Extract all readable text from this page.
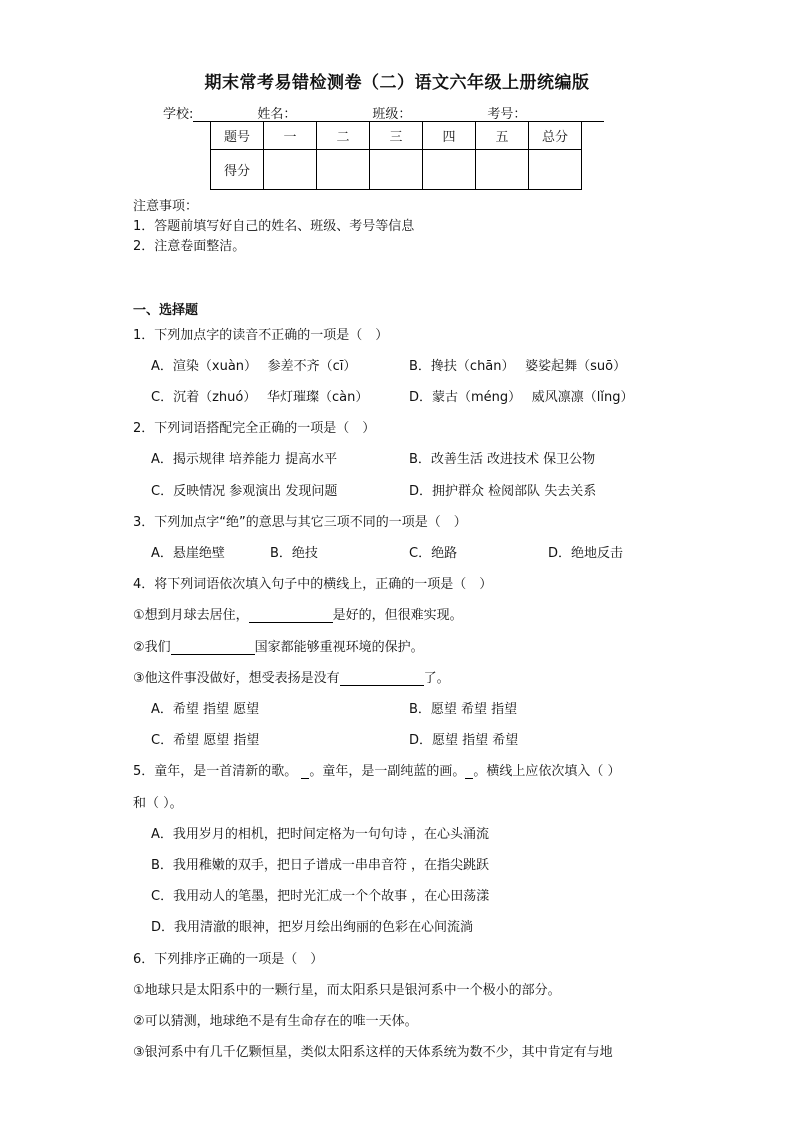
期末常考易错检测卷（二）语文六年级上册统编版
学校:	姓名：	班级：	考号：
题号	一	二	三	四	五	总分
得分						
注意事项：
1．答题前填写好自己的姓名、班级、考号等信息
2．注意卷面整洁。
一、选择题
1．下列加点字的读音不正确的一项是（　）
A．渲染（xuàn）　 参差不齐（cī）	B．搀扶（chān）　 婆娑起舞（suō）
C．沉着（zhuó）　 华灯璀璨（càn）	D．蒙古（méng）　 威风凛凛（lǐng）
2．下列词语搭配完全正确的一项是（　）
A．揭示规律 培养能力 提高水平	B．改善生活 改进技术 保卫公物
C．反映情况 参观演出 发现问题	D．拥护群众 检阅部队 失去关系
3．下列加点字“绝”的意思与其它三项不同的一项是（　）
A．悬崖绝壁	B．绝技	C．绝路	D．绝地反击
4．将下列词语依次填入句子中的横线上，正确的一项是（　）
①想到月球去居住，	是好的，但很难实现。
②我们	国家都能够重视环境的保护。
③他这件事没做好，想受表扬是没有	了。
A．希望 指望 愿望	B．愿望 希望 指望
C．希望 愿望 指望	D．愿望 指望 希望
5．童年，是一首清新的歌。 。童年，是一副纯蓝的画。 。横线上应依次填入（ ）
和（ ）。
A．我用岁月的相机，把时间定格为一句句诗 ，在心头涌流
B．我用稚嫩的双手，把日子谱成一串串音符 ，在指尖跳跃
C．我用动人的笔墨，把时光汇成一个个故事 ，在心田荡漾
D．我用清澈的眼神，把岁月绘出绚丽的色彩在心间流淌
6．下列排序正确的一项是（　）
①地球只是太阳系中的一颗行星，而太阳系只是银河系中一个极小的部分。
②可以猜测，地球绝不是有生命存在的唯一天体。
③银河系中有几千亿颗恒星，类似太阳系这样的天体系统为数不少，其中肯定有与地
